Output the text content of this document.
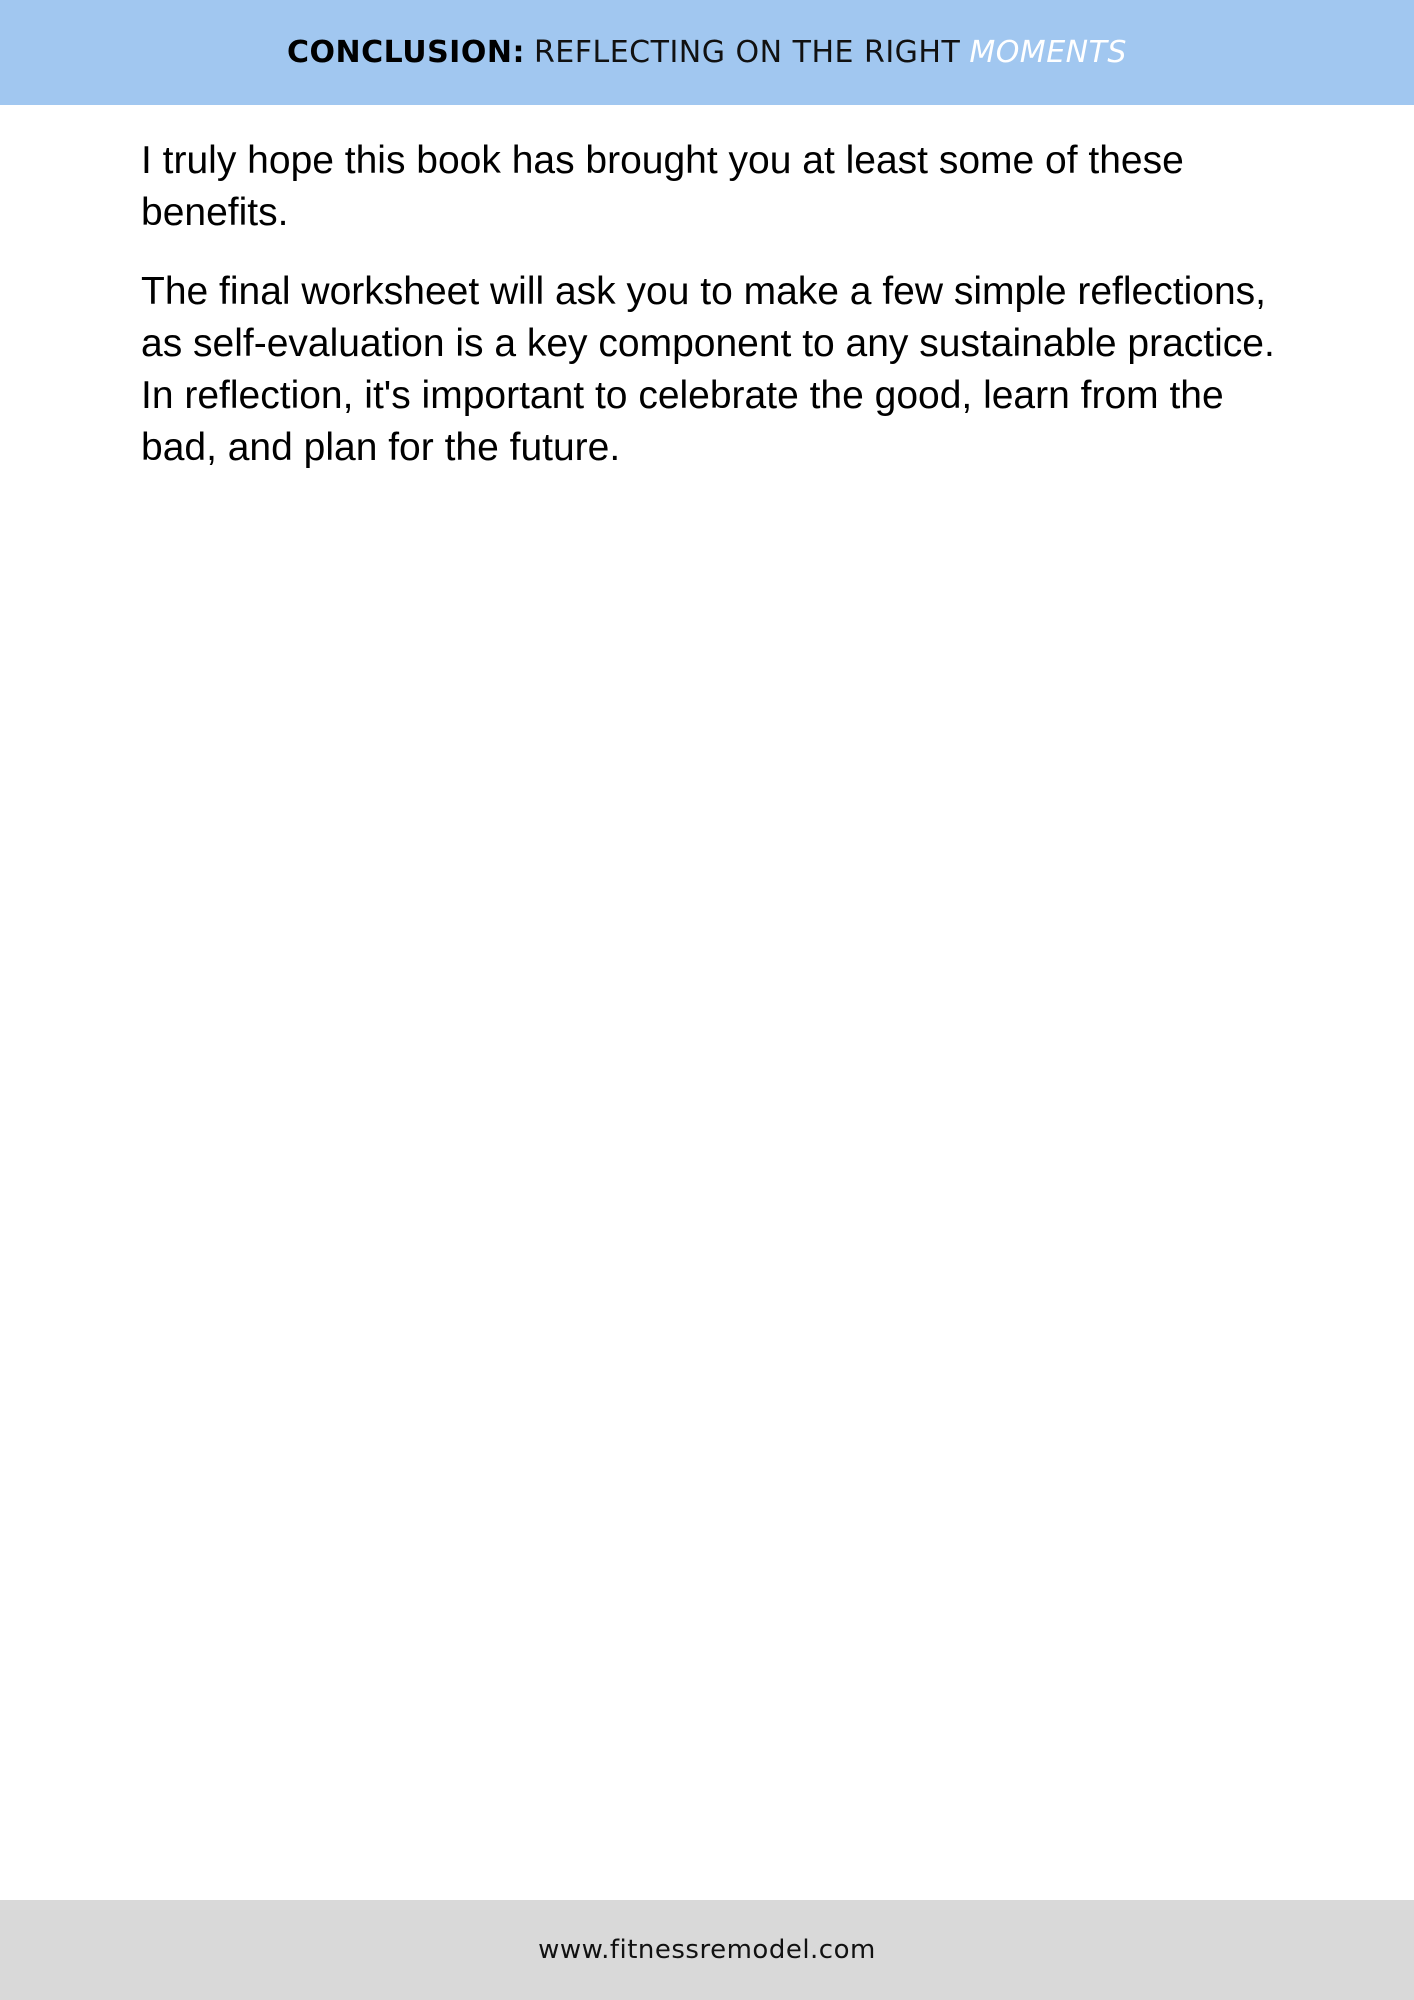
CONCLUSION: REFLECTING ON THE RIGHT MOMENTS

I truly hope this book has brought you at least some of these benefits.

The final worksheet will ask you to make a few simple reflections, as self-evaluation is a key component to any sustainable practice. In reflection, it's important to celebrate the good, learn from the bad, and plan for the future.

www.fitnessremodel.com
